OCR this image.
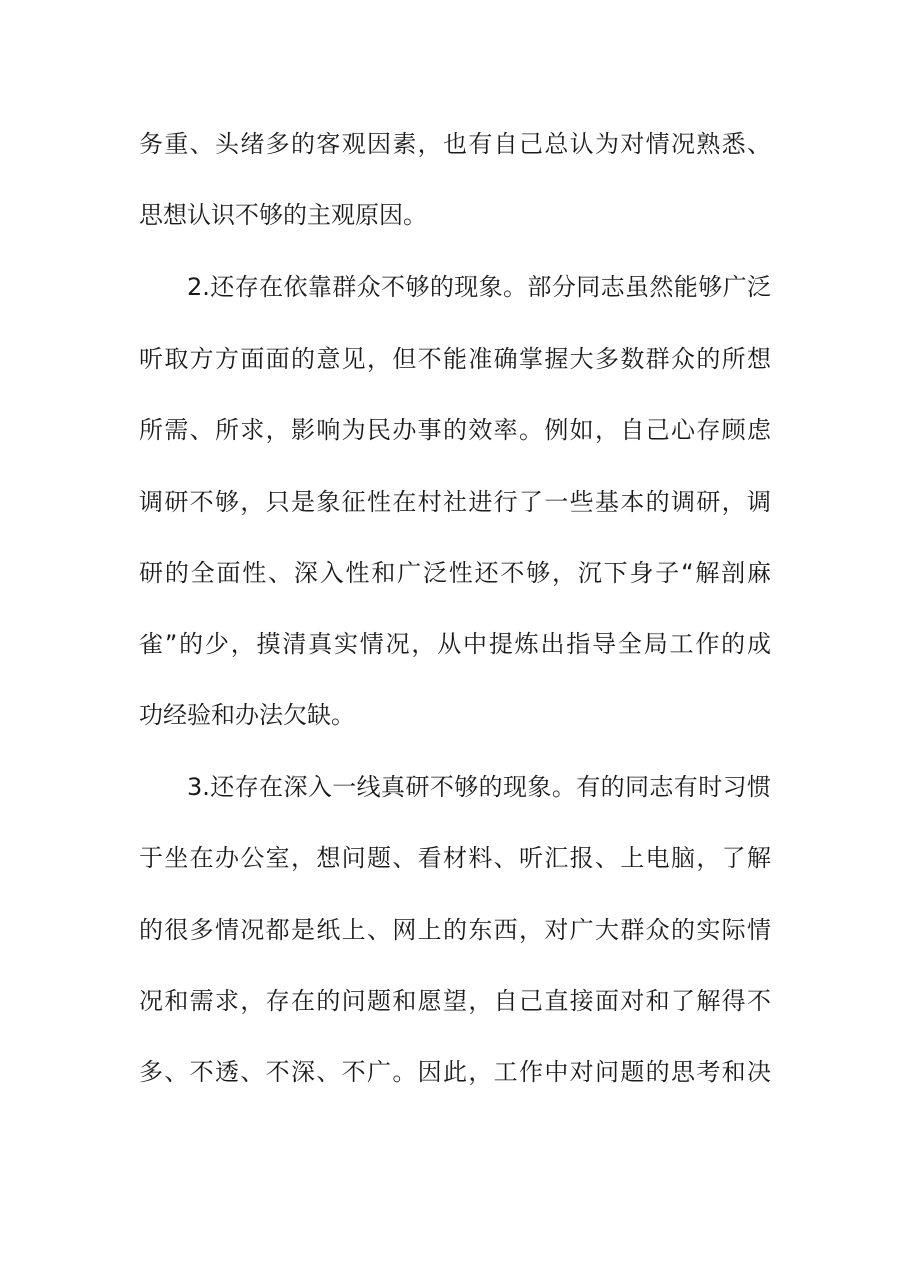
务重、头绪多的客观因素，也有自己总认为对情况熟悉、
思想认识不够的主观原因。
2.还存在依靠群众不够的现象。部分同志虽然能够广泛
听取方方面面的意见，但不能准确掌握大多数群众的所想
所需、所求，影响为民办事的效率。例如，自己心存顾虑
调研不够，只是象征性在村社进行了一些基本的调研，调
研的全面性、深入性和广泛性还不够，沉下身子“解剖麻
雀”的少，摸清真实情况，从中提炼出指导全局工作的成
功经验和办法欠缺。
3.还存在深入一线真研不够的现象。有的同志有时习惯
于坐在办公室，想问题、看材料、听汇报、上电脑，了解
的很多情况都是纸上、网上的东西，对广大群众的实际情
况和需求，存在的问题和愿望，自己直接面对和了解得不
多、不透、不深、不广。因此，工作中对问题的思考和决
